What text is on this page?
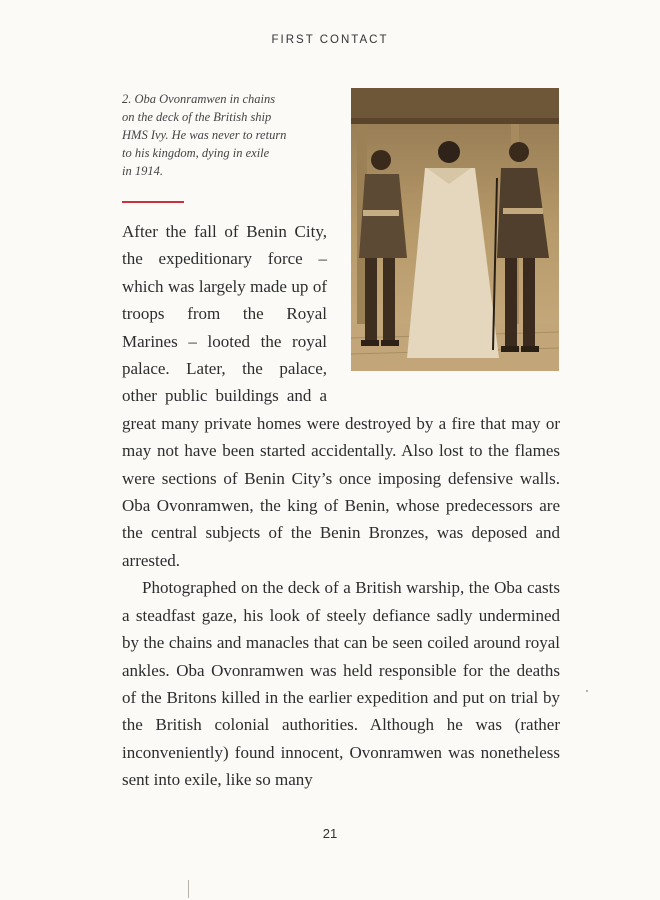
FIRST CONTACT
2. Oba Ovonramwen in chains
on the deck of the British ship
HMS Ivy. He was never to return
to his kingdom, dying in exile
in 1914.

After the fall of Benin City, the expeditionary force – which was largely made up of troops from the Royal Marines – looted the royal palace. Later, the palace, other public buildings and a great many private homes were destroyed by a fire that may or may not have been started accidentally. Also lost to the flames were sections of Benin City’s once imposing defensive walls. Oba Ovonramwen, the king of Benin, whose predecessors are the central subjects of the Benin Bronzes, was deposed and arrested.

Photographed on the deck of a British warship, the Oba casts a steadfast gaze, his look of steely defiance sadly undermined by the chains and manacles that can be seen coiled around royal ankles. Oba Ovonramwen was held responsible for the deaths of the Britons killed in the earlier expedition and put on trial by the British colonial authorities. Although he was (rather inconveniently) found innocent, Ovonramwen was nonetheless sent into exile, like so many

21
